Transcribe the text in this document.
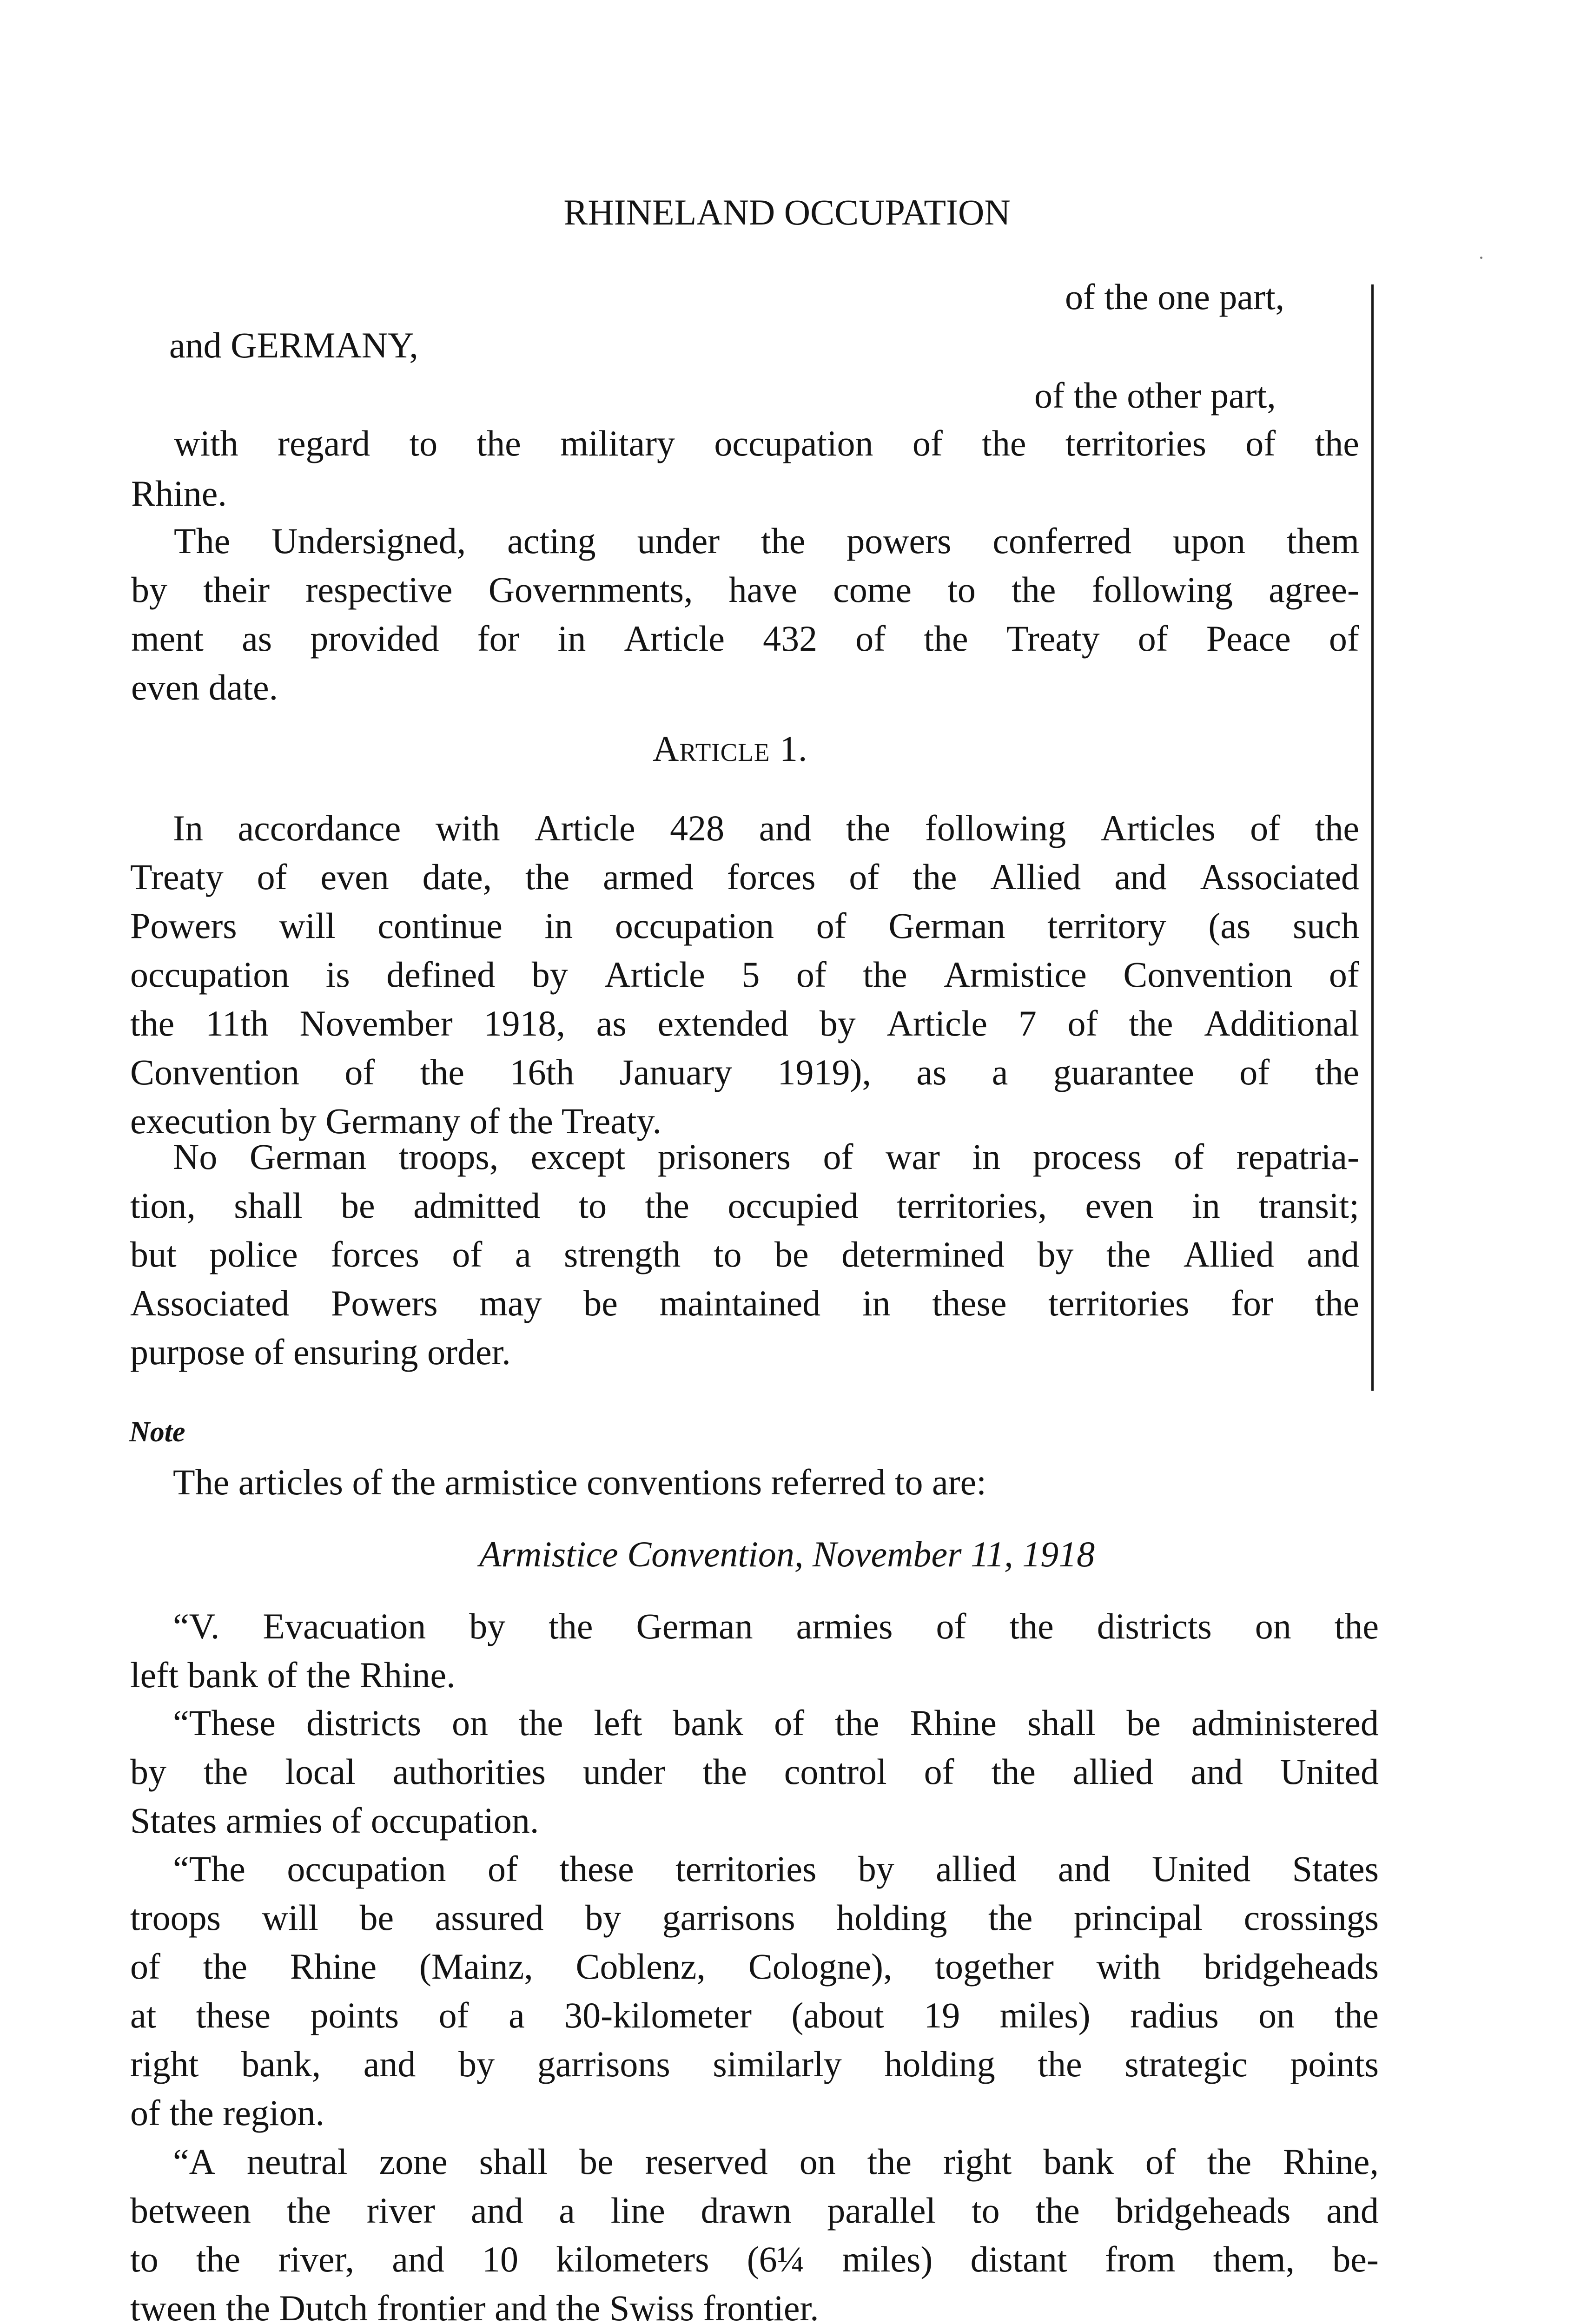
RHINELAND OCCUPATION
of the one part,
and GERMANY,
of the other part,
with regard to the military occupation of the territories of the
Rhine.
The Undersigned, acting under the powers conferred upon them
by their respective Governments, have come to the following agree-
ment as provided for in Article 432 of the Treaty of Peace of
even date.
Article 1.
In accordance with Article 428 and the following Articles of the
Treaty of even date, the armed forces of the Allied and Associated
Powers will continue in occupation of German territory (as such
occupation is defined by Article 5 of the Armistice Convention of
the 11th November 1918, as extended by Article 7 of the Additional
Convention of the 16th January 1919), as a guarantee of the
execution by Germany of the Treaty.
No German troops, except prisoners of war in process of repatria-
tion, shall be admitted to the occupied territories, even in transit;
but police forces of a strength to be determined by the Allied and
Associated Powers may be maintained in these territories for the
purpose of ensuring order.
Note
The articles of the armistice conventions referred to are:
Armistice Convention, November 11, 1918
“V. Evacuation by the German armies of the districts on the
left bank of the Rhine.
“These districts on the left bank of the Rhine shall be administered
by the local authorities under the control of the allied and United
States armies of occupation.
“The occupation of these territories by allied and United States
troops will be assured by garrisons holding the principal crossings
of the Rhine (Mainz, Coblenz, Cologne), together with bridgeheads
at these points of a 30-kilometer (about 19 miles) radius on the
right bank, and by garrisons similarly holding the strategic points
of the region.
“A neutral zone shall be reserved on the right bank of the Rhine,
between the river and a line drawn parallel to the bridgeheads and
to the river, and 10 kilometers (6¼ miles) distant from them, be-
tween the Dutch frontier and the Swiss frontier.
